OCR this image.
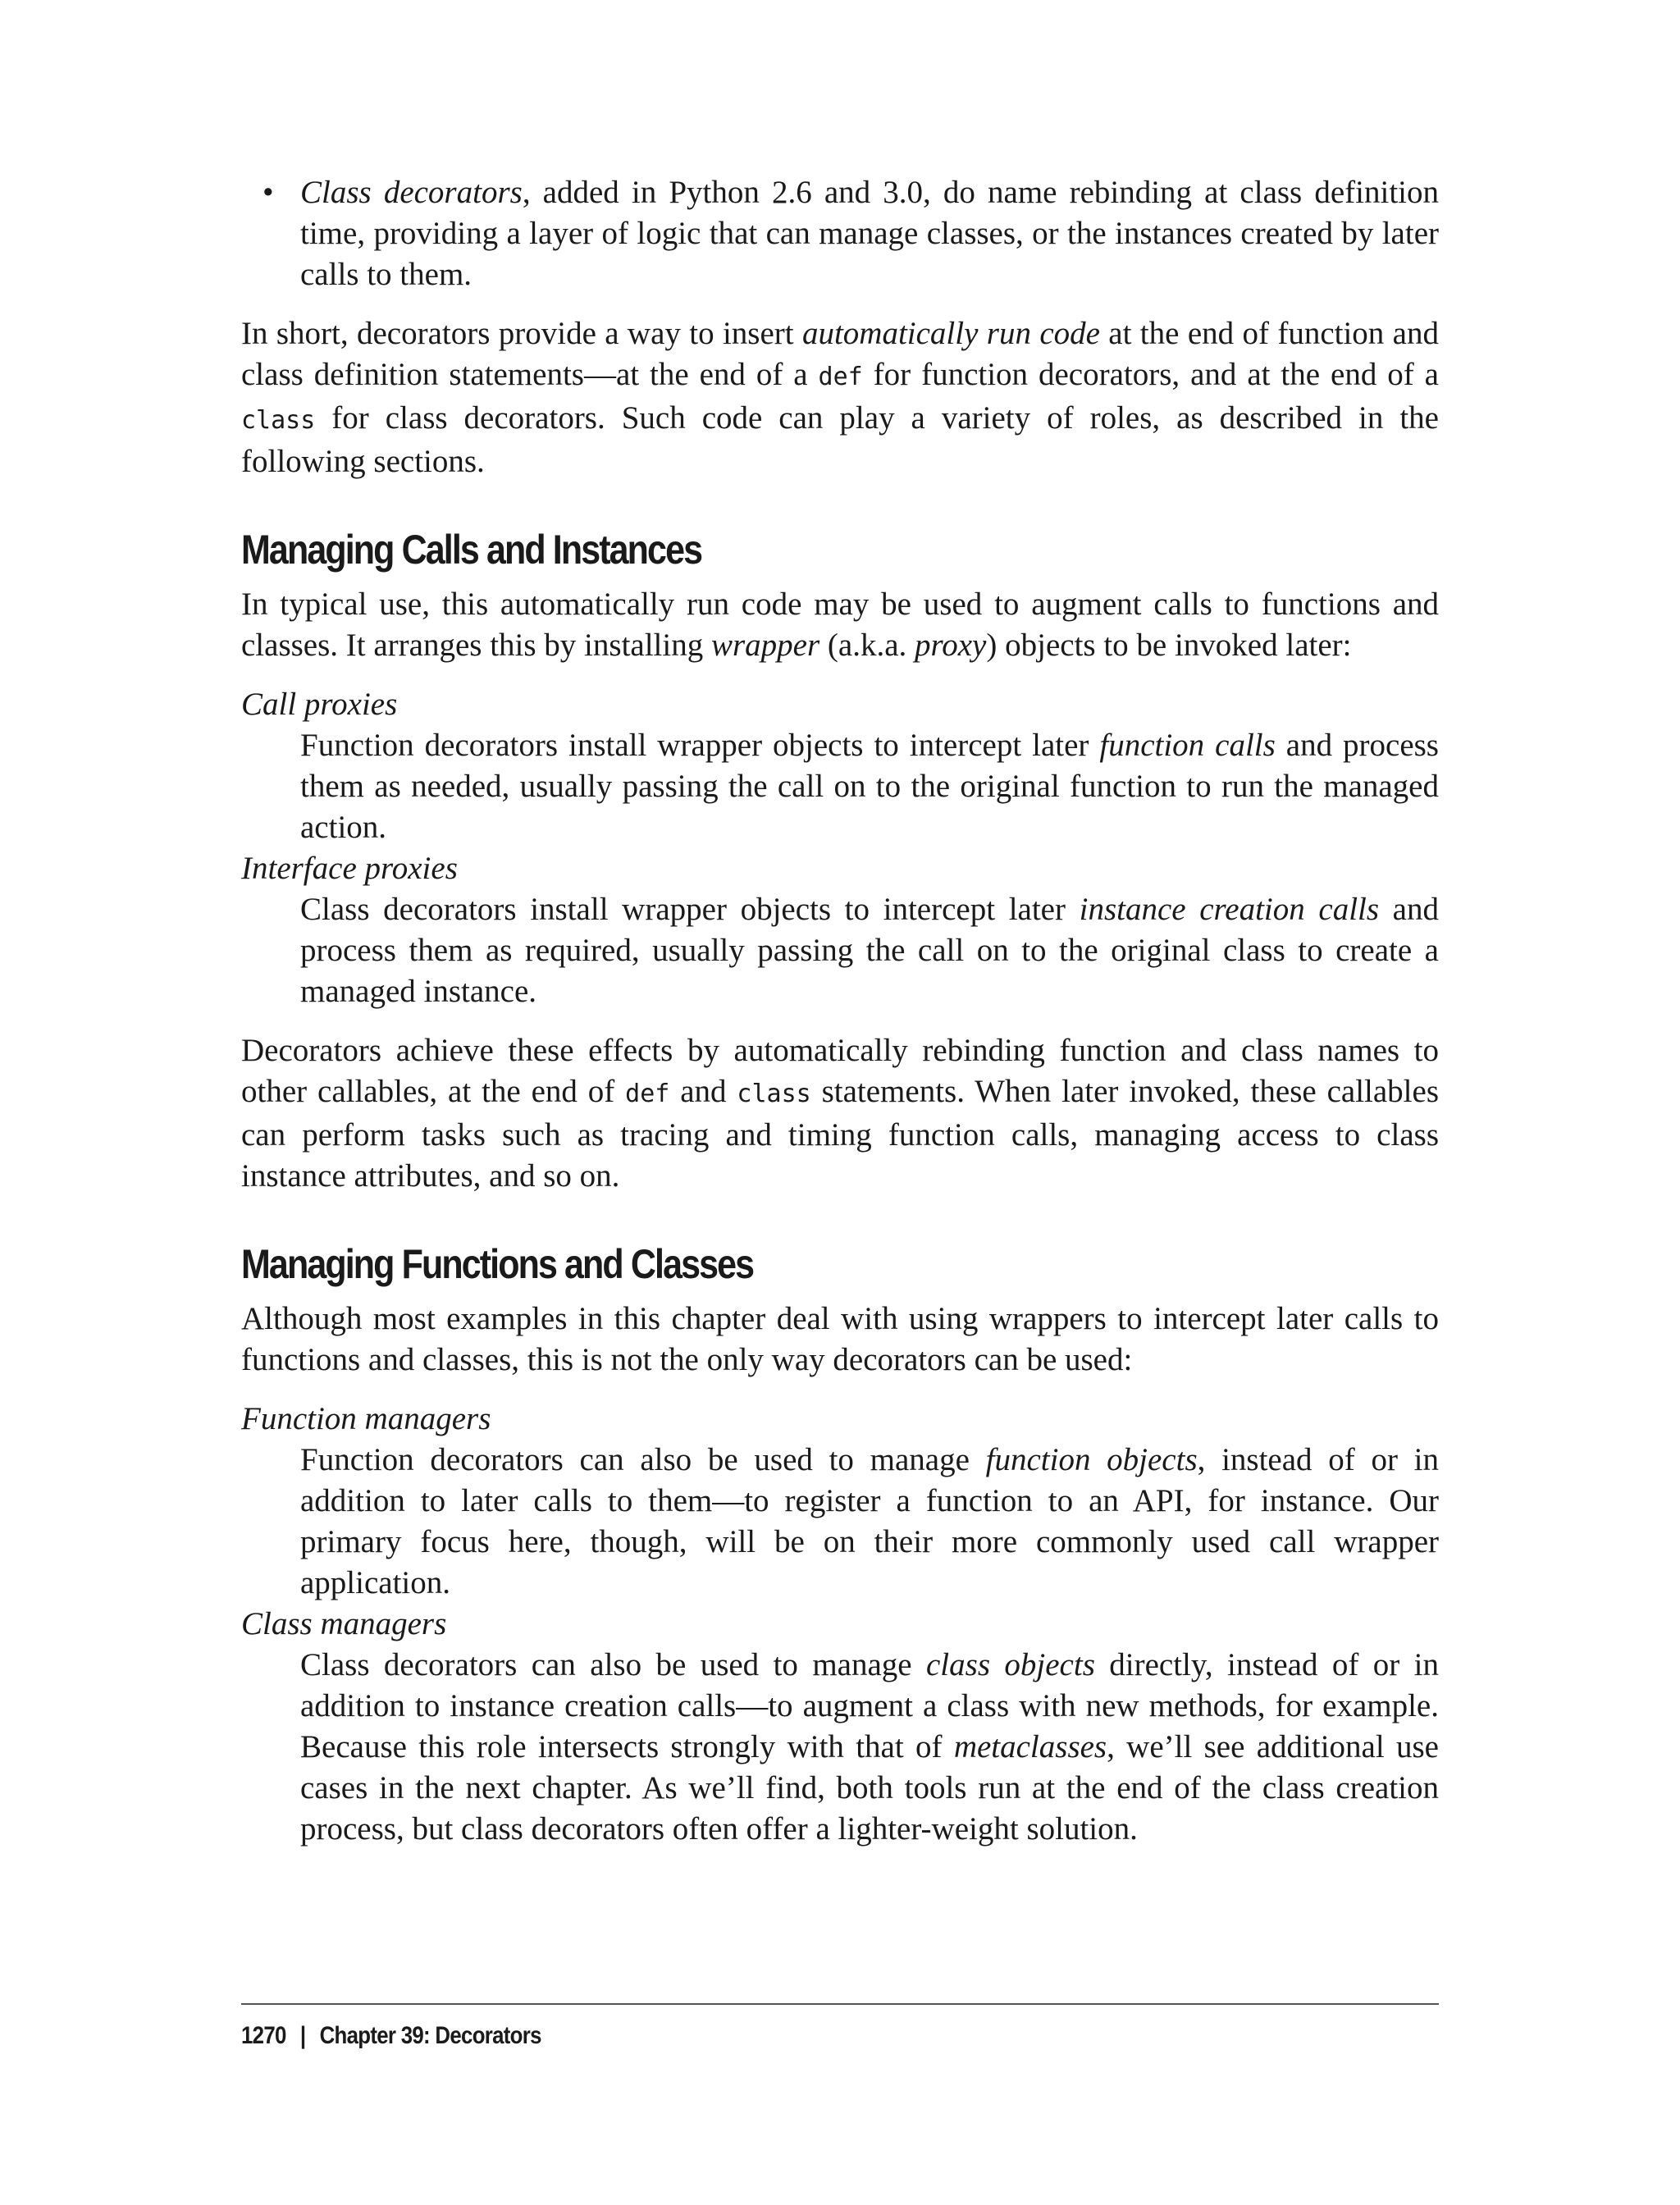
• Class decorators, added in Python 2.6 and 3.0, do name rebinding at class definition time, providing a layer of logic that can manage classes, or the instances created by later calls to them.

In short, decorators provide a way to insert automatically run code at the end of function and class definition statements—at the end of a def for function decorators, and at the end of a class for class decorators. Such code can play a variety of roles, as described in the following sections.

Managing Calls and Instances

In typical use, this automatically run code may be used to augment calls to functions and classes. It arranges this by installing wrapper (a.k.a. proxy) objects to be invoked later:

Call proxies

Function decorators install wrapper objects to intercept later function calls and process them as needed, usually passing the call on to the original function to run the managed action.

Interface proxies

Class decorators install wrapper objects to intercept later instance creation calls and process them as required, usually passing the call on to the original class to create a managed instance.

Decorators achieve these effects by automatically rebinding function and class names to other callables, at the end of def and class statements. When later invoked, these callables can perform tasks such as tracing and timing function calls, managing access to class instance attributes, and so on.

Managing Functions and Classes

Although most examples in this chapter deal with using wrappers to intercept later calls to functions and classes, this is not the only way decorators can be used:

Function managers

Function decorators can also be used to manage function objects, instead of or in addition to later calls to them—to register a function to an API, for instance. Our primary focus here, though, will be on their more commonly used call wrapper application.

Class managers

Class decorators can also be used to manage class objects directly, instead of or in addition to instance creation calls—to augment a class with new methods, for example. Because this role intersects strongly with that of metaclasses, we’ll see additional use cases in the next chapter. As we’ll find, both tools run at the end of the class creation process, but class decorators often offer a lighter-weight solution.

1270 | Chapter 39: Decorators
